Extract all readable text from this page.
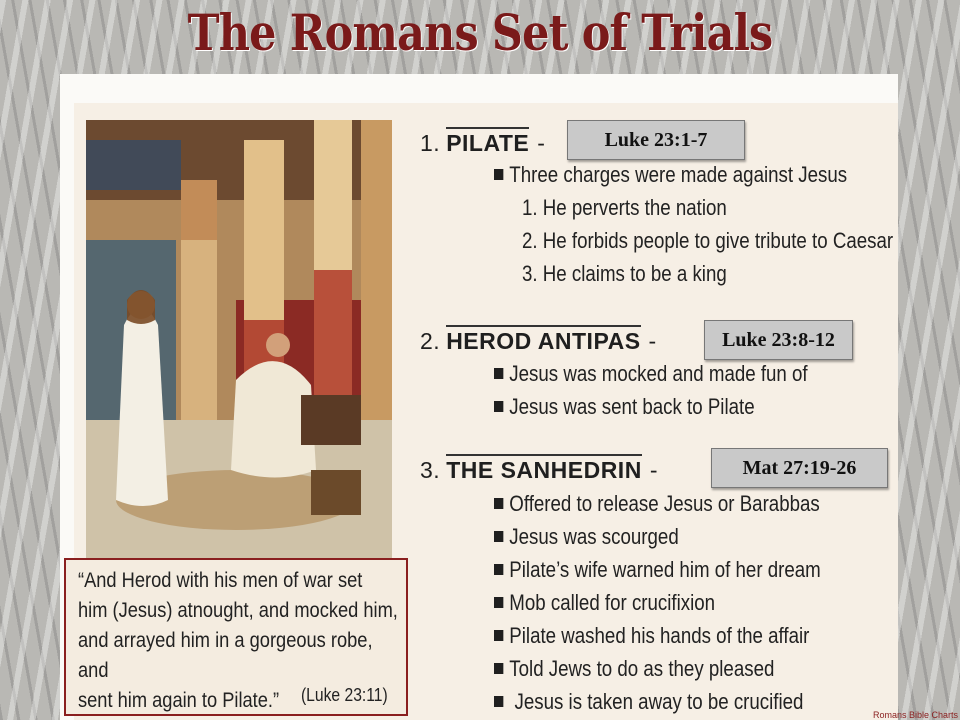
The Romans Set of Trials
“And Herod with his men of war set
him (Jesus) atnought, and mocked him,
and arrayed him in a gorgeous robe, and
sent him again to Pilate.”	(Luke 23:11)
1. PILATE -	Luke 23:1-7
Three charges were made against Jesus
1. He perverts the nation
2. He forbids people to give tribute to Caesar
3. He claims to be a king
2. HEROD ANTIPAS -	Luke 23:8-12
Jesus was mocked and made fun of
Jesus was sent back to Pilate
3. THE SANHEDRIN -	Mat 27:19-26
Offered to release Jesus or Barabbas
Jesus was scourged
Pilate’s wife warned him of her dream
Mob called for crucifixion
Pilate washed his hands of the affair
Told Jews to do as they pleased
Jesus is taken away to be crucified
Romans Bible Charts
